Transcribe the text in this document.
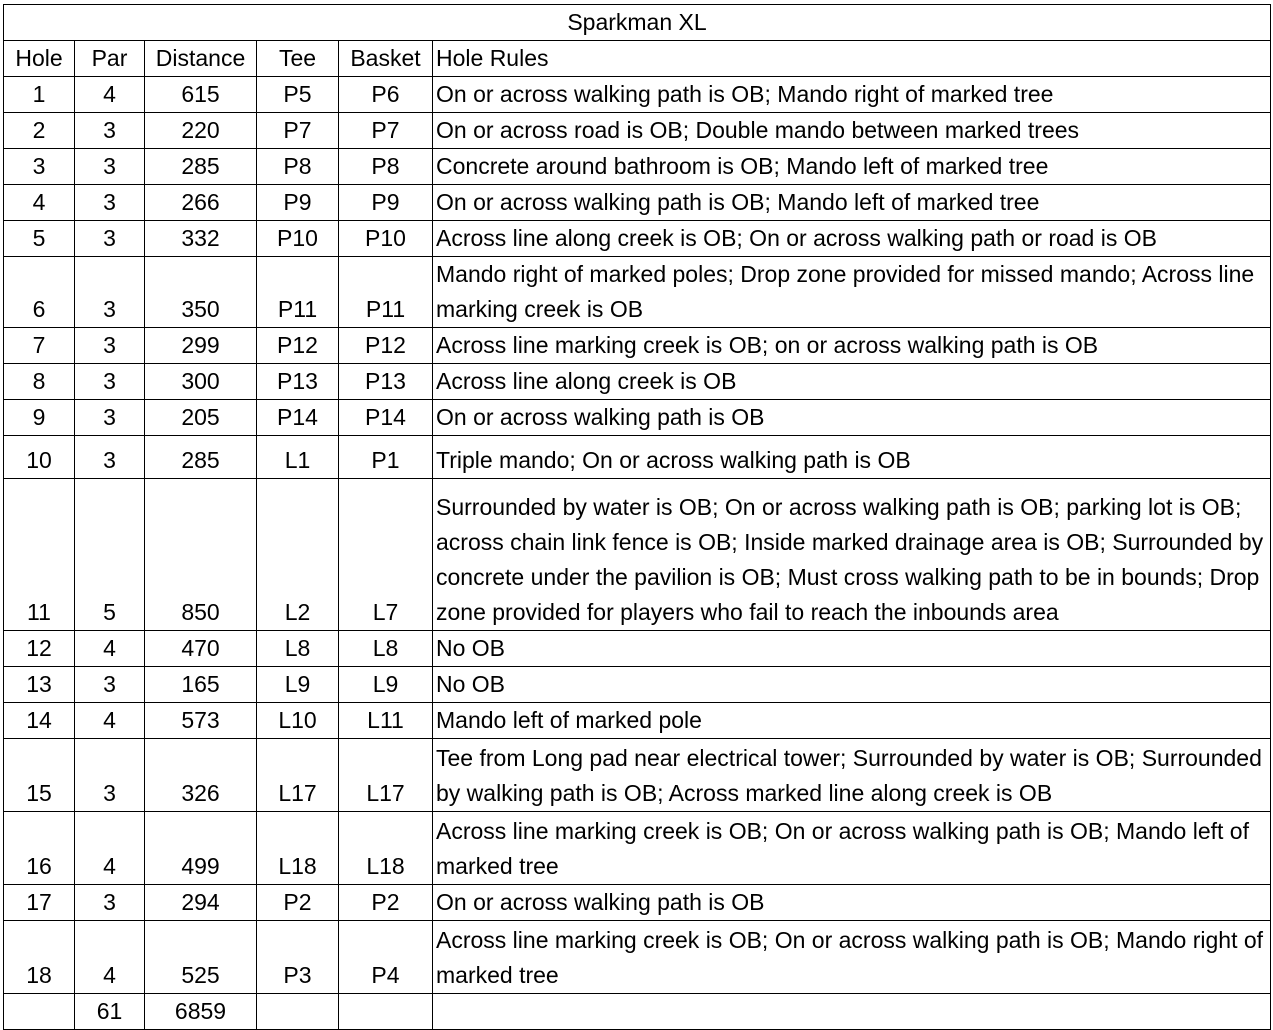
Sparkman XL					
Hole	Par	Distance	Tee	Basket	Hole Rules
1	4	615	P5	P6	On or across walking path is OB; Mando right of marked tree
2	3	220	P7	P7	On or across road is OB; Double mando between marked trees
3	3	285	P8	P8	Concrete around bathroom is OB; Mando left of marked tree
4	3	266	P9	P9	On or across walking path is OB; Mando left of marked tree
5	3	332	P10	P10	Across line along creek is OB; On or across walking path or road is OB
6	3	350	P11	P11	Mando right of marked poles; Drop zone provided for missed mando; Across line marking creek is OB
7	3	299	P12	P12	Across line marking creek is OB; on or across walking path is OB
8	3	300	P13	P13	Across line along creek is OB
9	3	205	P14	P14	On or across walking path is OB
10	3	285	L1	P1	Triple mando; On or across walking path is OB
11	5	850	L2	L7	Surrounded by water is OB; On or across walking path is OB; parking lot is OB; across chain link fence is OB; Inside marked drainage area is OB; Surrounded by concrete under the pavilion is OB; Must cross walking path to be in bounds; Drop zone provided for players who fail to reach the inbounds area
12	4	470	L8	L8	No OB
13	3	165	L9	L9	No OB
14	4	573	L10	L11	Mando left of marked pole
15	3	326	L17	L17	Tee from Long pad near electrical tower; Surrounded by water is OB; Surrounded by walking path is OB; Across marked line along creek is OB
16	4	499	L18	L18	Across line marking creek is OB; On or across walking path is OB; Mando left of marked tree
17	3	294	P2	P2	On or across walking path is OB
18	4	525	P3	P4	Across line marking creek is OB; On or across walking path is OB; Mando right of marked tree
	61	6859			
